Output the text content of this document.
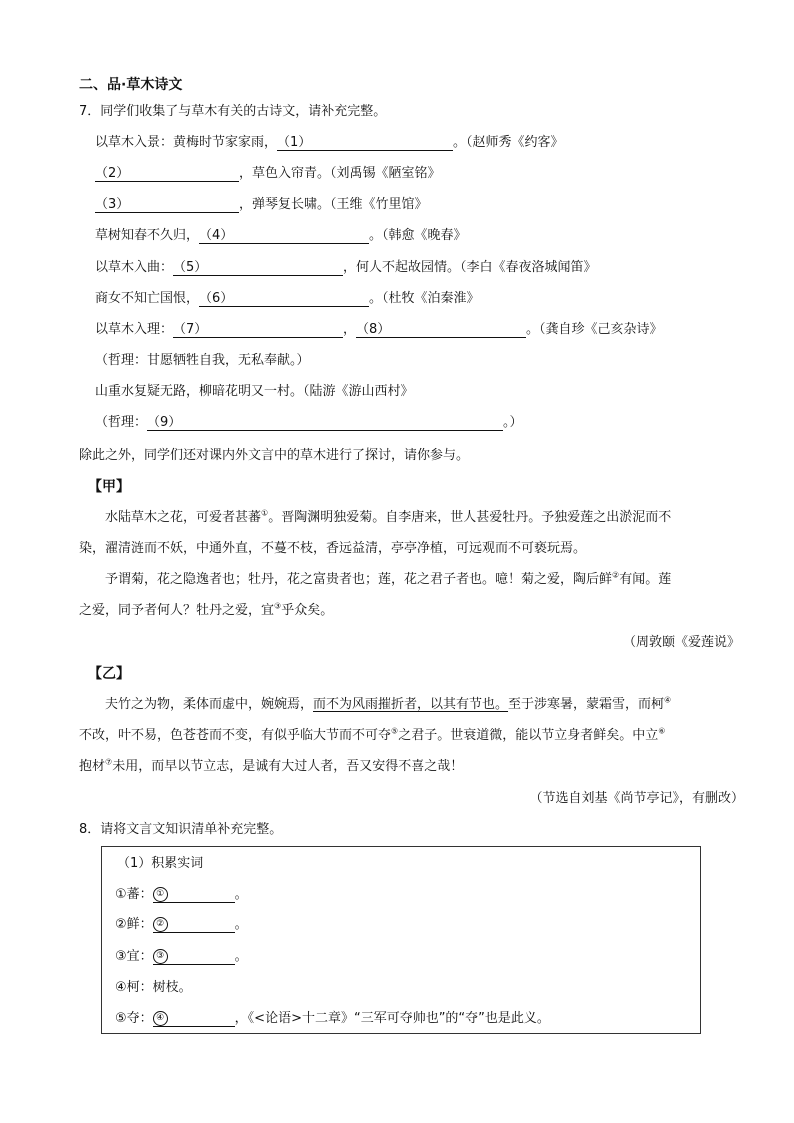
二、品·草木诗文
7．同学们收集了与草木有关的古诗文，请补充完整。
以草木入景：黄梅时节家家雨，（1）	。（赵师秀《约客》
（2）	，草色入帘青。（刘禹锡《陋室铭》
（3）	，弹琴复长啸。（王维《竹里馆》
草树知春不久归，（4）	。（韩愈《晚春》
以草木入曲：（5）	，何人不起故园情。（李白《春夜洛城闻笛》
商女不知亡国恨，（6）	。（杜牧《泊秦淮》
以草木入理：（7）	，（8）	。（龚自珍《己亥杂诗》
（哲理：甘愿牺牲自我，无私奉献。）
山重水复疑无路，柳暗花明又一村。（陆游《游山西村》
（哲理：（9）	。）
除此之外，同学们还对课内外文言中的草木进行了探讨，请你参与。
【甲】
水陆草木之花，可爱者甚蕃①。晋陶渊明独爱菊。自李唐来，世人甚爱牡丹。予独爱莲之出淤泥而不
染，濯清涟而不妖，中通外直，不蔓不枝，香远益清，亭亭净植，可远观而不可亵玩焉。
予谓菊，花之隐逸者也；牡丹，花之富贵者也；莲，花之君子者也。噫！菊之爱，陶后鲜②有闻。莲
之爱，同予者何人？牡丹之爱，宜③乎众矣。
（周敦颐《爱莲说》
【乙】
夫竹之为物，柔体而虚中，婉婉焉，而不为风雨摧折者，以其有节也。至于涉寒暑，蒙霜雪，而柯④
不改，叶不易，色苍苍而不变，有似乎临大节而不可夺⑤之君子。世衰道微，能以节立身者鲜矣。中立⑥
抱材⑦未用，而早以节立志，是诚有大过人者，吾又安得不喜之哉！
（节选自刘基《尚节亭记》，有删改）
8．请将文言文知识清单补充完整。
（1）积累实词
①蕃： ①	。
②鲜： ②	。
③宜： ③	。
④柯：树枝。
⑤夺： ④	，《<论语>十二章》“三军可夺帅也”的“夺”也是此义。
